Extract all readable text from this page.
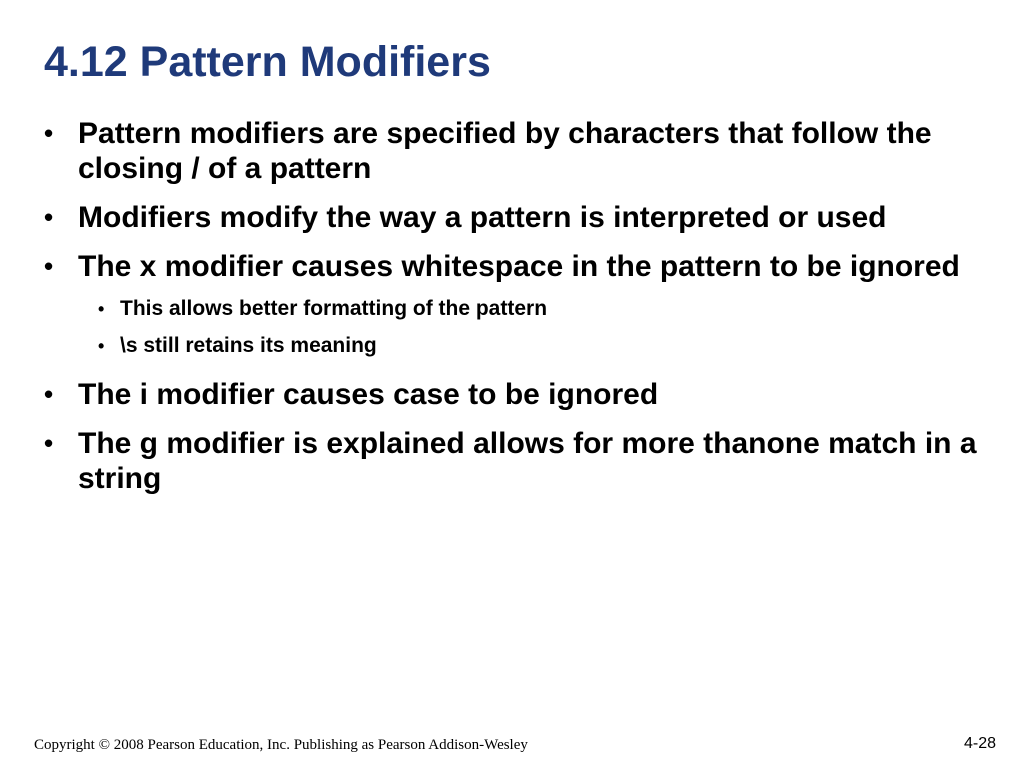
4.12 Pattern Modifiers
• Pattern modifiers are specified by characters that follow the closing / of a pattern
• Modifiers modify the way a pattern is interpreted or used
• The x modifier causes whitespace in the pattern to be ignored
• This allows better formatting of the pattern
• \s still retains its meaning
• The i modifier causes case to be ignored
• The g modifier is explained allows for more thanone match in a string
Copyright © 2008 Pearson Education, Inc. Publishing as Pearson Addison-Wesley	4-28
